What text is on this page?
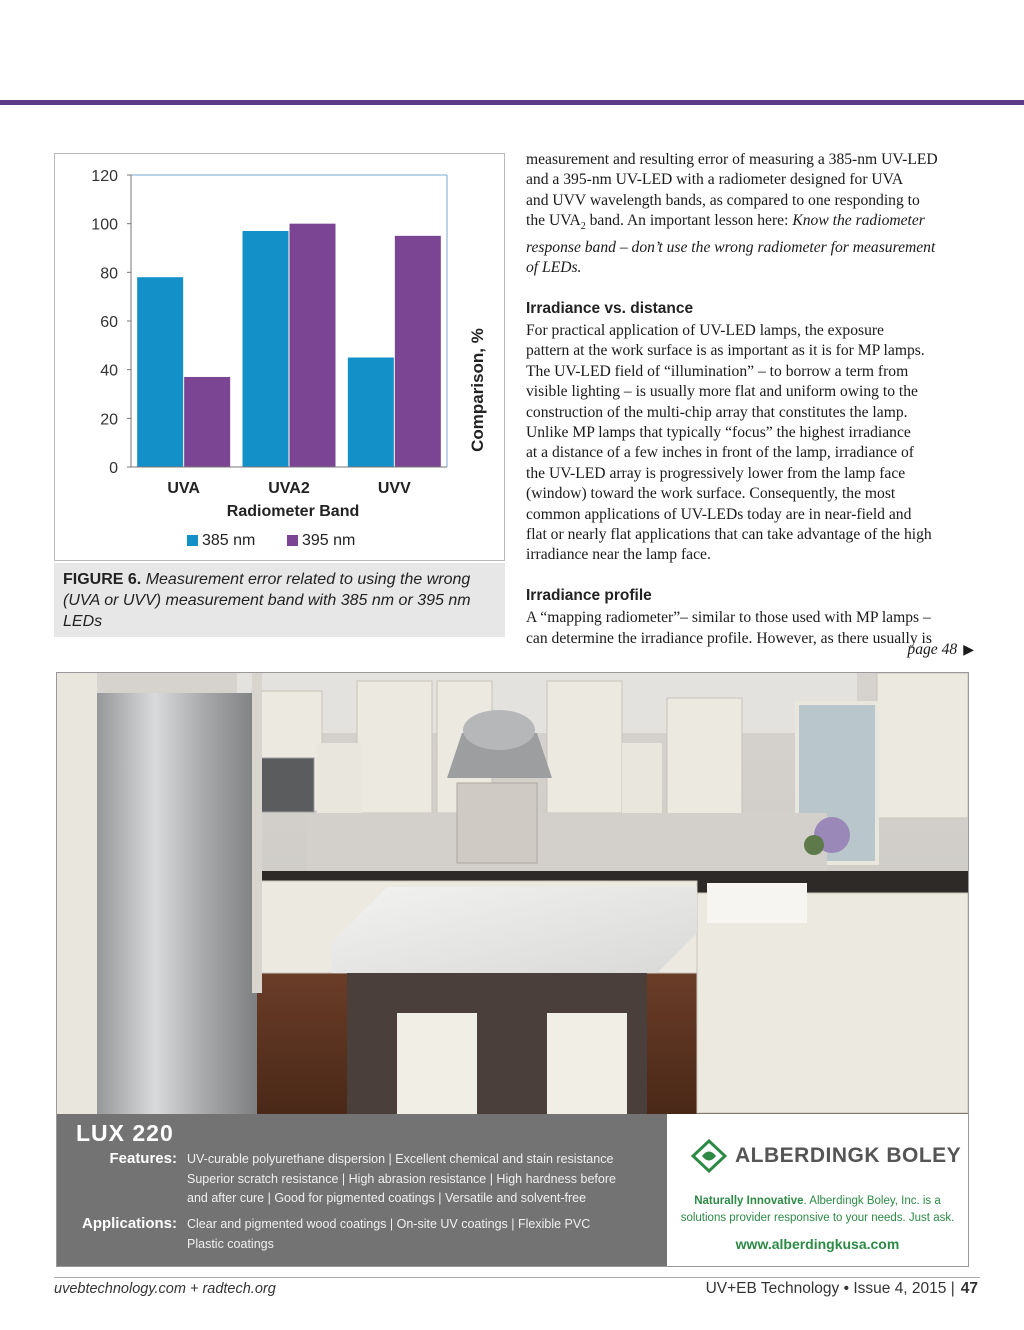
0
20
40
60
80
100
120
UVA	UVA2	UVV
Comparison, %
Radiometer Band
385 nm	395 nm
FIGURE 6. Measurement error related to using the wrong (UVA or UVV) measurement band with 385 nm or 395 nm LEDs

measurement and resulting error of measuring a 385-nm UV-LED
and a 395-nm UV-LED with a radiometer designed for UVA
and UVV wavelength bands, as compared to one responding to
the $UVA_2$ band. An important lesson here: Know the radiometer
response band – don’t use the wrong radiometer for measurement
of LEDs.

Irradiance vs. distance

For practical application of UV-LED lamps, the exposure
pattern at the work surface is as important as it is for MP lamps.
The UV-LED field of “illumination” – to borrow a term from
visible lighting – is usually more flat and uniform owing to the
construction of the multi-chip array that constitutes the lamp.
Unlike MP lamps that typically “focus” the highest irradiance
at a distance of a few inches in front of the lamp, irradiance of
the UV-LED array is progressively lower from the lamp face
(window) toward the work surface. Consequently, the most
common applications of UV-LEDs today are in near-field and
flat or nearly flat applications that can take advantage of the high
irradiance near the lamp face.

Irradiance profile

A “mapping radiometer”– similar to those used with MP lamps –
can determine the irradiance profile. However, as there usually is

page 48 ▶
LUX 220
Features: UV-curable polyurethane dispersion | Excellent chemical and stain resistance
Superior scratch resistance | High abrasion resistance | High hardness before
and after cure | Good for pigmented coatings | Versatile and solvent-free
Applications: Clear and pigmented wood coatings | On-site UV coatings | Flexible PVC
Plastic coatings
ALBERDINGK BOLEY
Naturally Innovative. Alberdingk Boley, Inc. is a
solutions provider responsive to your needs. Just ask.
www.alberdingkusa.com
uvebtechnology.com + radtech.org	UV+EB Technology • Issue 4, 2015 | 47
